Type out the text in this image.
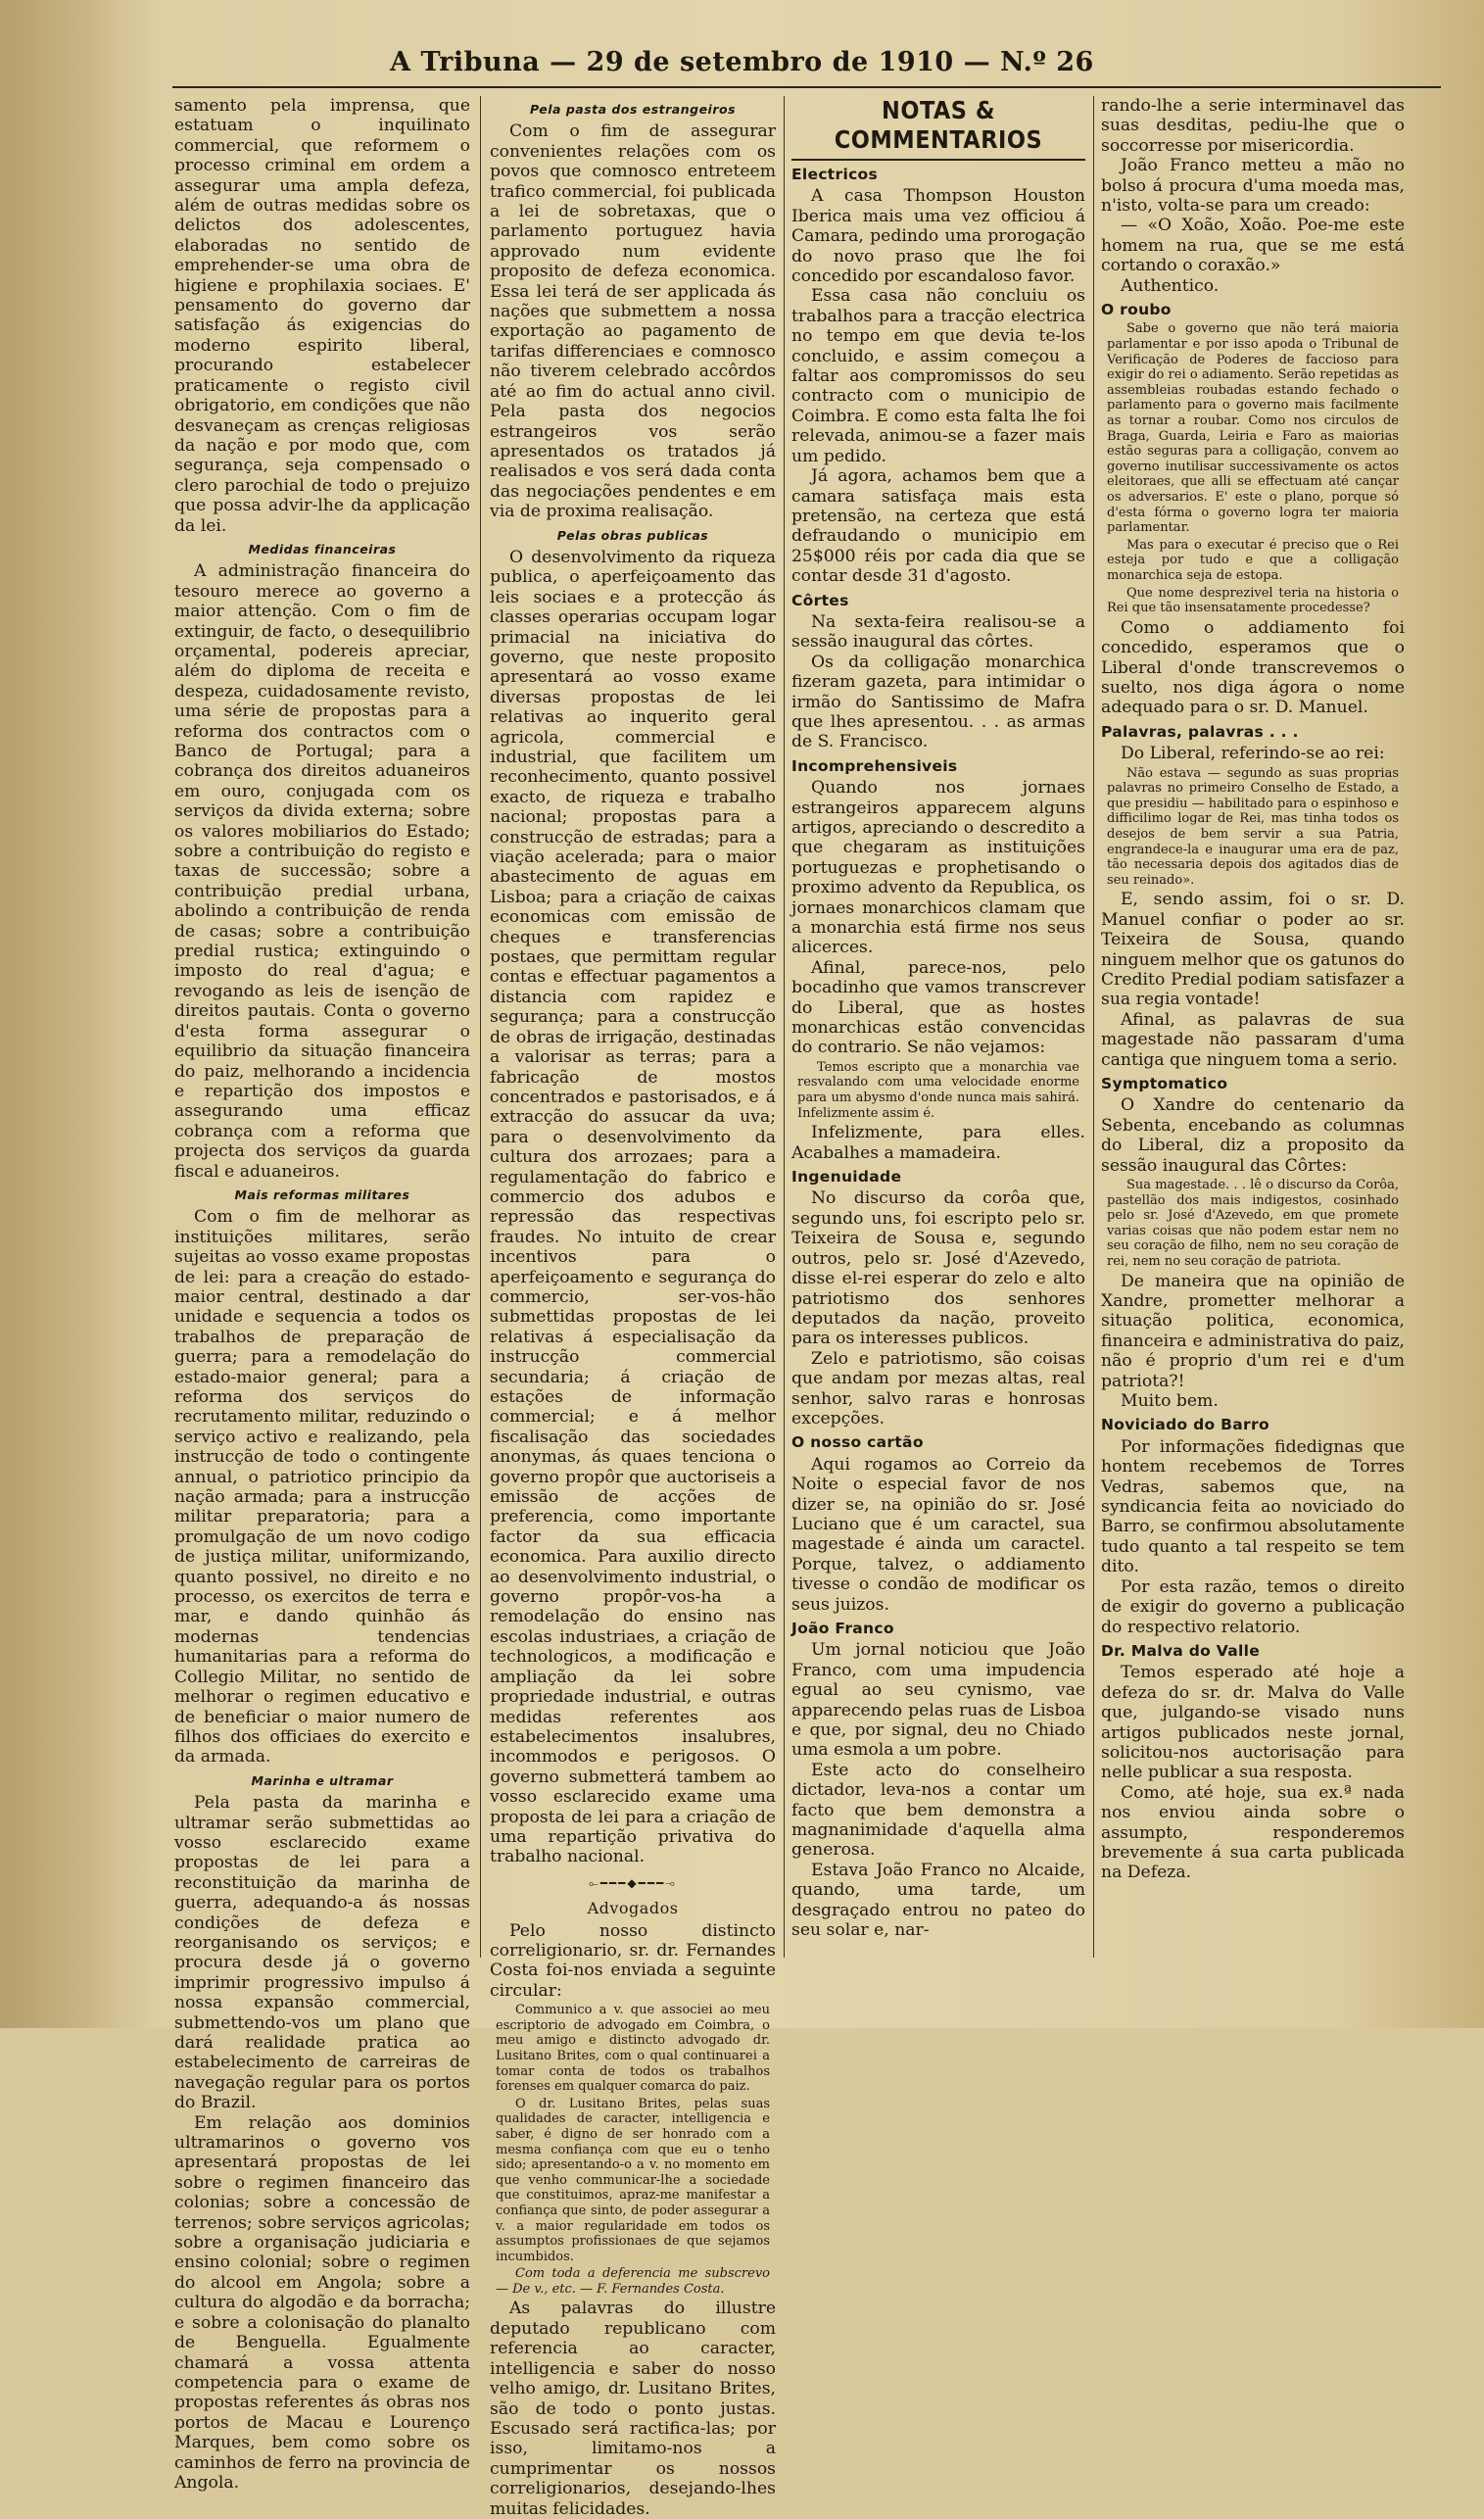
A Tribuna — 29 de setembro de 1910 — N.º 26

samento pela imprensa, que estatuam o inquilinato commercial, que reformem o processo criminal em ordem a assegurar uma ampla defeza, além de outras medidas sobre os delictos dos adolescentes, elaboradas no sentido de emprehender-se uma obra de higiene e prophilaxia sociaes. E' pensamento do governo dar satisfação ás exigencias do moderno espirito liberal, procurando estabelecer praticamente o registo civil obrigatorio, em condições que não desvaneçam as crenças religiosas da nação e por modo que, com segurança, seja compensado o clero parochial de todo o prejuizo que possa advir-lhe da applicação da lei.

Medidas financeiras

A administração financeira do tesouro merece ao governo a maior attenção. Com o fim de extinguir, de facto, o desequilibrio orçamental, podereis apreciar, além do diploma de receita e despeza, cuidadosamente revisto, uma série de propostas para a reforma dos contractos com o Banco de Portugal; para a cobrança dos direitos aduaneiros em ouro, conjugada com os serviços da divida externa; sobre os valores mobiliarios do Estado; sobre a contribuição do registo e taxas de successão; sobre a contribuição predial urbana, abolindo a contribuição de renda de casas; sobre a contribuição predial rustica; extinguindo o imposto do real d'agua; e revogando as leis de isenção de direitos pautais. Conta o governo d'esta forma assegurar o equilibrio da situação financeira do paiz, melhorando a incidencia e repartição dos impostos e assegurando uma efficaz cobrança com a reforma que projecta dos serviços da guarda fiscal e aduaneiros.

Mais reformas militares

Com o fim de melhorar as instituições militares, serão sujeitas ao vosso exame propostas de lei: para a creação do estado-maior central, destinado a dar unidade e sequencia a todos os trabalhos de preparação de guerra; para a remodelação do estado-maior general; para a reforma dos serviços do recrutamento militar, reduzindo o serviço activo e realizando, pela instrucção de todo o contingente annual, o patriotico principio da nação armada; para a instrucção militar preparatoria; para a promulgação de um novo codigo de justiça militar, uniformizando, quanto possivel, no direito e no processo, os exercitos de terra e mar, e dando quinhão ás modernas tendencias humanitarias para a reforma do Collegio Militar, no sentido de melhorar o regimen educativo e de beneficiar o maior numero de filhos dos officiaes do exercito e da armada.

Marinha e ultramar

Pela pasta da marinha e ultramar serão submettidas ao vosso esclarecido exame propostas de lei para a reconstituição da marinha de guerra, adequando-a ás nossas condições de defeza e reorganisando os serviços; e procura desde já o governo imprimir progressivo impulso á nossa expansão commercial, submettendo-vos um plano que dará realidade pratica ao estabelecimento de carreiras de navegação regular para os portos do Brazil.

Em relação aos dominios ultramarinos o governo vos apresentará propostas de lei sobre o regimen financeiro das colonias; sobre a concessão de terrenos; sobre serviços agricolas; sobre a organisação judiciaria e ensino colonial; sobre o regimen do alcool em Angola; sobre a cultura do algodão e da borracha; e sobre a colonisação do planalto de Benguella. Egualmente chamará a vossa attenta competencia para o exame de propostas referentes ás obras nos portos de Macau e Lourenço Marques, bem como sobre os caminhos de ferro na provincia de Angola.

Pela pasta dos estrangeiros

Com o fim de assegurar convenientes relações com os povos que comnosco entreteem trafico commercial, foi publicada a lei de sobretaxas, que o parlamento portuguez havia approvado num evidente proposito de defeza economica. Essa lei terá de ser applicada ás nações que submettem a nossa exportação ao pagamento de tarifas differenciaes e comnosco não tiverem celebrado accôrdos até ao fim do actual anno civil. Pela pasta dos negocios estrangeiros vos serão apresentados os tratados já realisados e vos será dada conta das negociações pendentes e em via de proxima realisação.

Pelas obras publicas

O desenvolvimento da riqueza publica, o aperfeiçoamento das leis sociaes e a protecção ás classes operarias occupam logar primacial na iniciativa do governo, que neste proposito apresentará ao vosso exame diversas propostas de lei relativas ao inquerito geral agricola, commercial e industrial, que facilitem um reconhecimento, quanto possivel exacto, de riqueza e trabalho nacional; propostas para a construcção de estradas; para a viação acelerada; para o maior abastecimento de aguas em Lisboa; para a criação de caixas economicas com emissão de cheques e transferencias postaes, que permittam regular contas e effectuar pagamentos a distancia com rapidez e segurança; para a construcção de obras de irrigação, destinadas a valorisar as terras; para a fabricação de mostos concentrados e pastorisados, e á extracção do assucar da uva; para o desenvolvimento da cultura dos arrozaes; para a regulamentação do fabrico e commercio dos adubos e repressão das respectivas fraudes. No intuito de crear incentivos para o aperfeiçoamento e segurança do commercio, ser-vos-hão submettidas propostas de lei relativas á especialisação da instrucção commercial secundaria; á criação de estações de informação commercial; e á melhor fiscalisação das sociedades anonymas, ás quaes tenciona o governo propôr que auctoriseis a emissão de acções de preferencia, como importante factor da sua efficacia economica. Para auxilio directo ao desenvolvimento industrial, o governo propôr-vos-ha a remodelação do ensino nas escolas industriaes, a criação de technologicos, a modificação e ampliação da lei sobre propriedade industrial, e outras medidas referentes aos estabelecimentos insalubres, incommodos e perigosos. O governo submetterá tambem ao vosso esclarecido exame uma proposta de lei para a criação de uma repartição privativa do trabalho nacional.

⟜━━━◆━━━⊸
Advogados

Pelo nosso distincto correligionario, sr. dr. Fernandes Costa foi-nos enviada a seguinte circular:

Communico a v. que associei ao meu escriptorio de advogado em Coimbra, o meu amigo e distincto advogado dr. Lusitano Brites, com o qual continuarei a tomar conta de todos os trabalhos forenses em qualquer comarca do paiz.

O dr. Lusitano Brites, pelas suas qualidades de caracter, intelligencia e saber, é digno de ser honrado com a mesma confiança com que eu o tenho sido; apresentando-o a v. no momento em que venho communicar-lhe a sociedade que constituimos, apraz-me manifestar a confiança que sinto, de poder assegurar a v. a maior regularidade em todos os assumptos profissionaes de que sejamos incumbidos.

Com toda a deferencia me subscrevo — De v., etc. — F. Fernandes Costa.

As palavras do illustre deputado republicano com referencia ao caracter, intelligencia e saber do nosso velho amigo, dr. Lusitano Brites, são de todo o ponto justas. Escusado será ractifica-las; por isso, limitamo-nos a cumprimentar os nossos correligionarios, desejando-lhes muitas felicidades.

NOTAS & COMMENTARIOS
Electricos

A casa Thompson Houston Iberica mais uma vez officiou á Camara, pedindo uma prorogação do novo praso que lhe foi concedido por escandaloso favor.

Essa casa não concluiu os trabalhos para a tracção electrica no tempo em que devia te-los concluido, e assim começou a faltar aos compromissos do seu contracto com o municipio de Coimbra. E como esta falta lhe foi relevada, animou-se a fazer mais um pedido.

Já agora, achamos bem que a camara satisfaça mais esta pretensão, na certeza que está defraudando o municipio em 25$000 réis por cada dia que se contar desde 31 d'agosto.

Côrtes

Na sexta-feira realisou-se a sessão inaugural das côrtes.

Os da colligação monarchica fizeram gazeta, para intimidar o irmão do Santissimo de Mafra que lhes apresentou. . . as armas de S. Francisco.

Incomprehensiveis

Quando nos jornaes estrangeiros apparecem alguns artigos, apreciando o descredito a que chegaram as instituições portuguezas e prophetisando o proximo advento da Republica, os jornaes monarchicos clamam que a monarchia está firme nos seus alicerces.

Afinal, parece-nos, pelo bocadinho que vamos transcrever do Liberal, que as hostes monarchicas estão convencidas do contrario. Se não vejamos:

Temos escripto que a monarchia vae resvalando com uma velocidade enorme para um abysmo d'onde nunca mais sahirá. Infelizmente assim é.

Infelizmente, para elles. Acabalhes a mamadeira.

Ingenuidade

No discurso da corôa que, segundo uns, foi escripto pelo sr. Teixeira de Sousa e, segundo outros, pelo sr. José d'Azevedo, disse el-rei esperar do zelo e alto patriotismo dos senhores deputados da nação, proveito para os interesses publicos.

Zelo e patriotismo, são coisas que andam por mezas altas, real senhor, salvo raras e honrosas excepções.

O nosso cartão

Aqui rogamos ao Correio da Noite o especial favor de nos dizer se, na opinião do sr. José Luciano que é um caractel, sua magestade é ainda um caractel. Porque, talvez, o addiamento tivesse o condão de modificar os seus juizos.

João Franco

Um jornal noticiou que João Franco, com uma impudencia egual ao seu cynismo, vae apparecendo pelas ruas de Lisboa e que, por signal, deu no Chiado uma esmola a um pobre.

Este acto do conselheiro dictador, leva-nos a contar um facto que bem demonstra a magnanimidade d'aquella alma generosa.

Estava João Franco no Alcaide, quando, uma tarde, um desgraçado entrou no pateo do seu solar e, nar-

rando-lhe a serie interminavel das suas desditas, pediu-lhe que o soccorresse por misericordia.

João Franco metteu a mão no bolso á procura d'uma moeda mas, n'isto, volta-se para um creado:

— «O Xoão, Xoão. Poe-me este homem na rua, que se me está cortando o coraxão.»

Authentico.

O roubo

Sabe o governo que não terá maioria parlamentar e por isso apoda o Tribunal de Verificação de Poderes de faccioso para exigir do rei o adiamento. Serão repetidas as assembleias roubadas estando fechado o parlamento para o governo mais facilmente as tornar a roubar. Como nos circulos de Braga, Guarda, Leiria e Faro as maiorias estão seguras para a colligação, convem ao governo inutilisar successivamente os actos eleitoraes, que alli se effectuam até cançar os adversarios. E' este o plano, porque só d'esta fórma o governo logra ter maioria parlamentar.

Mas para o executar é preciso que o Rei esteja por tudo e que a colligação monarchica seja de estopa.

Que nome desprezivel teria na historia o Rei que tão insensatamente procedesse?

Como o addiamento foi concedido, esperamos que o Liberal d'onde transcrevemos o suelto, nos diga ágora o nome adequado para o sr. D. Manuel.

Palavras, palavras . . .

Do Liberal, referindo-se ao rei:

Não estava — segundo as suas proprias palavras no primeiro Conselho de Estado, a que presidiu — habilitado para o espinhoso e difficilimo logar de Rei, mas tinha todos os desejos de bem servir a sua Patria, engrandece-la e inaugurar uma era de paz, tão necessaria depois dos agitados dias de seu reinado».

E, sendo assim, foi o sr. D. Manuel confiar o poder ao sr. Teixeira de Sousa, quando ninguem melhor que os gatunos do Credito Predial podiam satisfazer a sua regia vontade!

Afinal, as palavras de sua magestade não passaram d'uma cantiga que ninguem toma a serio.

Symptomatico

O Xandre do centenario da Sebenta, encebando as columnas do Liberal, diz a proposito da sessão inaugural das Côrtes:

Sua magestade. . . lê o discurso da Corôa, pastellão dos mais indigestos, cosinhado pelo sr. José d'Azevedo, em que promete varias coisas que não podem estar nem no seu coração de filho, nem no seu coração de rei, nem no seu coração de patriota.

De maneira que na opinião de Xandre, prometter melhorar a situação politica, economica, financeira e administrativa do paiz, não é proprio d'um rei e d'um patriota?!

Muito bem.

Noviciado do Barro

Por informações fidedignas que hontem recebemos de Torres Vedras, sabemos que, na syndicancia feita ao noviciado do Barro, se confirmou absolutamente tudo quanto a tal respeito se tem dito.

Por esta razão, temos o direito de exigir do governo a publicação do respectivo relatorio.

Dr. Malva do Valle

Temos esperado até hoje a defeza do sr. dr. Malva do Valle que, julgando-se visado nuns artigos publicados neste jornal, solicitou-nos auctorisação para nelle publicar a sua resposta.

Como, até hoje, sua ex.ª nada nos enviou ainda sobre o assumpto, responderemos brevemente á sua carta publicada na Defeza.
